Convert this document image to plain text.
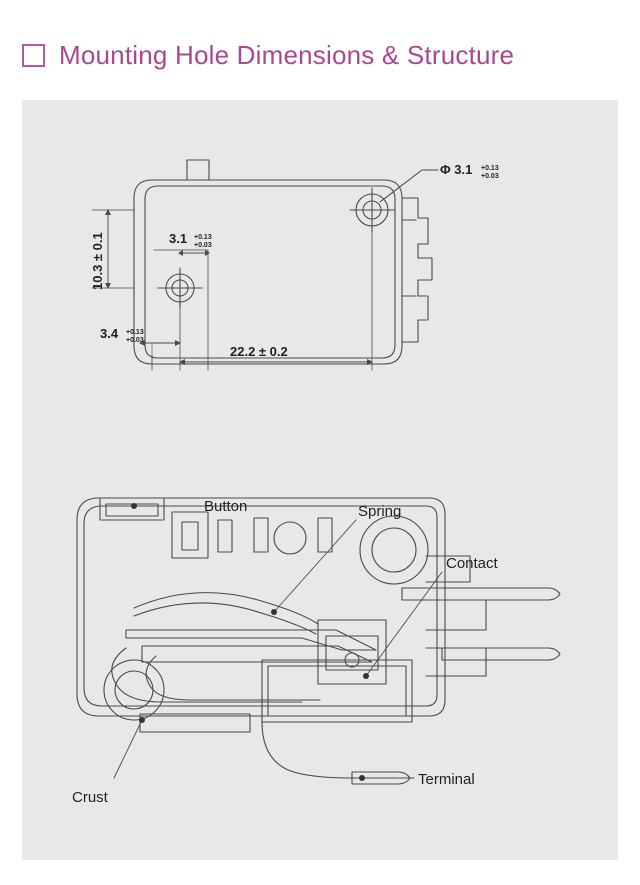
Mounting Hole Dimensions & Structure
Φ 3.1 +0.13
+0.03
10.3 ± 0.1	3.1 +0.13
+0.03
3.4 +0.13
+0.03
22.2 ± 0.2
Button	Spring
Contact
Terminal
Crust
